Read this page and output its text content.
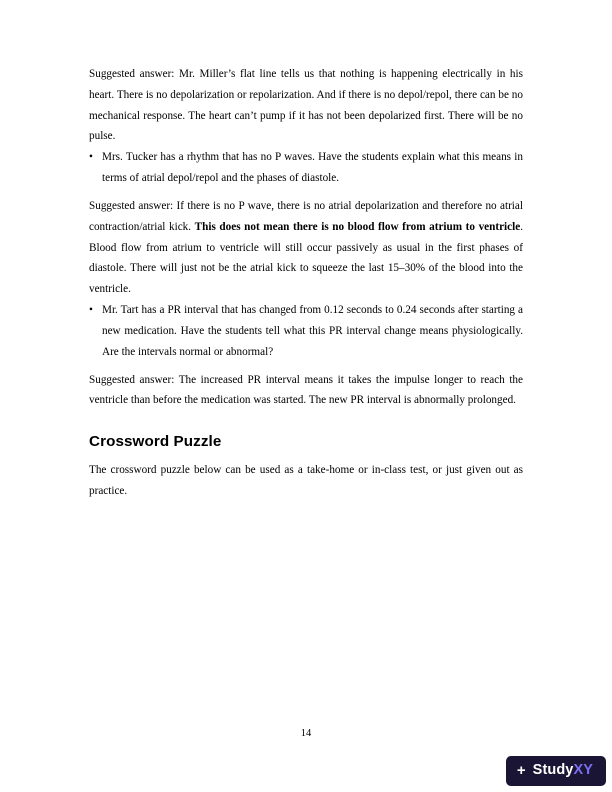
Suggested answer: Mr. Miller’s flat line tells us that nothing is happening electrically in his heart. There is no depolarization or repolarization. And if there is no depol/repol, there can be no mechanical response. The heart can’t pump if it has not been depolarized first. There will be no pulse.

• Mrs. Tucker has a rhythm that has no P waves. Have the students explain what this means in terms of atrial depol/repol and the phases of diastole.

Suggested answer: If there is no P wave, there is no atrial depolarization and therefore no atrial contraction/atrial kick. This does not mean there is no blood flow from atrium to ventricle. Blood flow from atrium to ventricle will still occur passively as usual in the first phases of diastole. There will just not be the atrial kick to squeeze the last 15–30% of the blood into the ventricle.

• Mr. Tart has a PR interval that has changed from 0.12 seconds to 0.24 seconds after starting a new medication. Have the students tell what this PR interval change means physiologically. Are the intervals normal or abnormal?

Suggested answer: The increased PR interval means it takes the impulse longer to reach the ventricle than before the medication was started. The new PR interval is abnormally prolonged.

Crossword Puzzle

The crossword puzzle below can be used as a take-home or in-class test, or just given out as practice.

14
+ StudyXY
